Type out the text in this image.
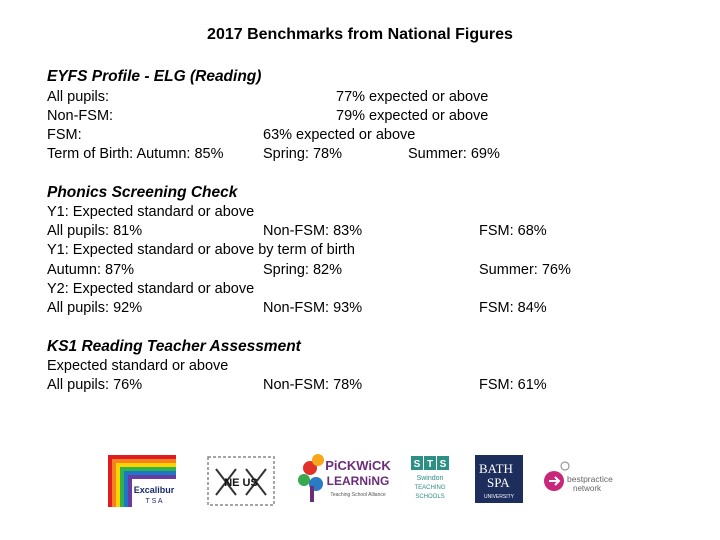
2017 Benchmarks from National Figures
EYFS Profile - ELG (Reading)
All pupils:	77% expected or above
Non-FSM:	79% expected or above
FSM:	63% expected or above
Term of Birth: Autumn: 85%	Spring: 78%	Summer: 69%
Phonics Screening Check
Y1: Expected standard or above
All pupils: 81%	Non-FSM: 83%	FSM: 68%
Y1: Expected standard or above by term of birth
Autumn: 87%	Spring: 82%	Summer: 76%
Y2: Expected standard or above
All pupils: 92%	Non-FSM: 93%	FSM: 84%
KS1 Reading Teacher Assessment
Expected standard or above
All pupils: 76%	Non-FSM: 78%	FSM: 61%
Excalibur
T S A
NE US
PiCKWiCK
LEARNiNG
Teaching School Alliance
S T S
Swindon
TEACHING
SCHOOLS
BATH
SPA
UNIVERSITY
bestpractice
network
